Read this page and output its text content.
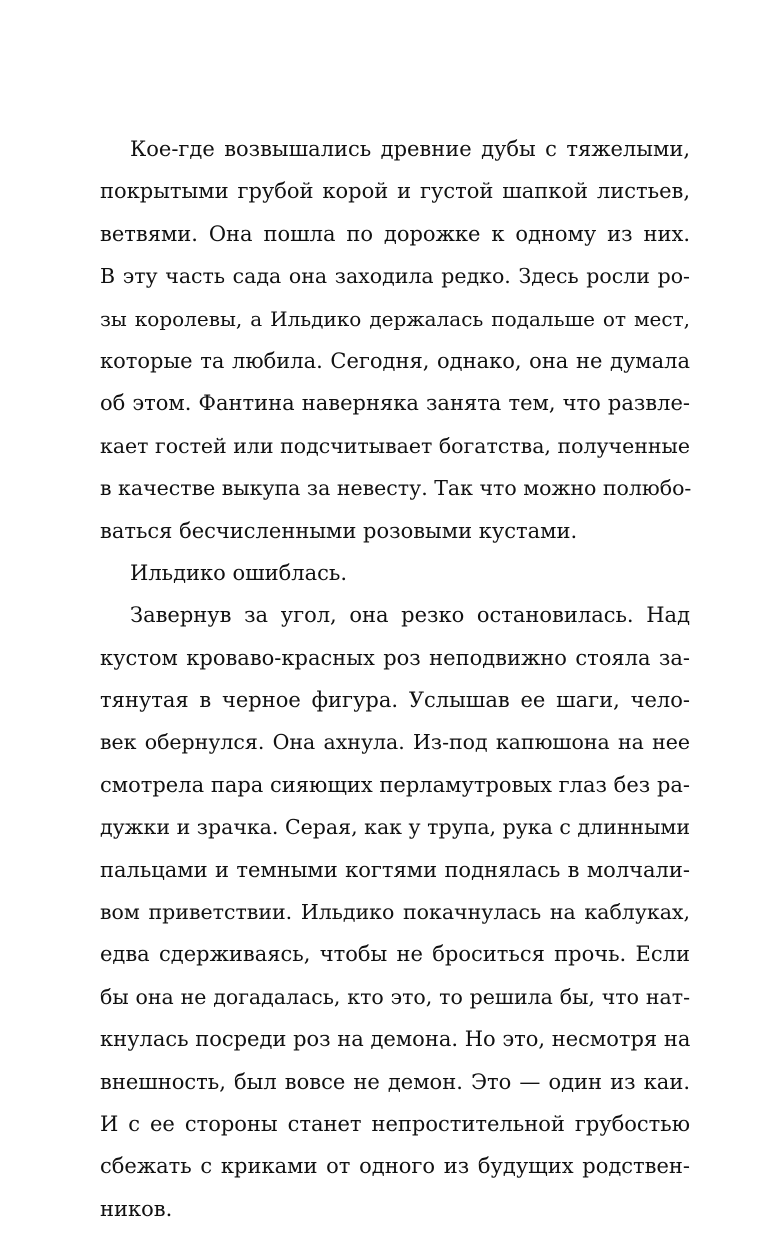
Кое-где возвышались древние дубы с тяжелыми,
покрытыми грубой корой и густой шапкой листьев,
ветвями. Она пошла по дорожке к одному из них.
В эту часть сада она заходила редко. Здесь росли ро-
зы королевы, а Ильдико держалась подальше от мест,
которые та любила. Сегодня, однако, она не думала
об этом. Фантина наверняка занята тем, что развле-
кает гостей или подсчитывает богатства, полученные
в качестве выкупа за невесту. Так что можно полюбо-
ваться бесчисленными розовыми кустами.
Ильдико ошиблась.
Завернув за угол, она резко остановилась. Над
кустом кроваво-красных роз неподвижно стояла за-
тянутая в черное фигура. Услышав ее шаги, чело-
век обернулся. Она ахнула. Из-под капюшона на нее
смотрела пара сияющих перламутровых глаз без ра-
дужки и зрачка. Серая, как у трупа, рука с длинными
пальцами и темными когтями поднялась в молчали-
вом приветствии. Ильдико покачнулась на каблуках,
едва сдерживаясь, чтобы не броситься прочь. Если
бы она не догадалась, кто это, то решила бы, что нат-
кнулась посреди роз на демона. Но это, несмотря на
внешность, был вовсе не демон. Это — один из каи.
И с ее стороны станет непростительной грубостью
сбежать с криками от одного из будущих родствен-
ников.
